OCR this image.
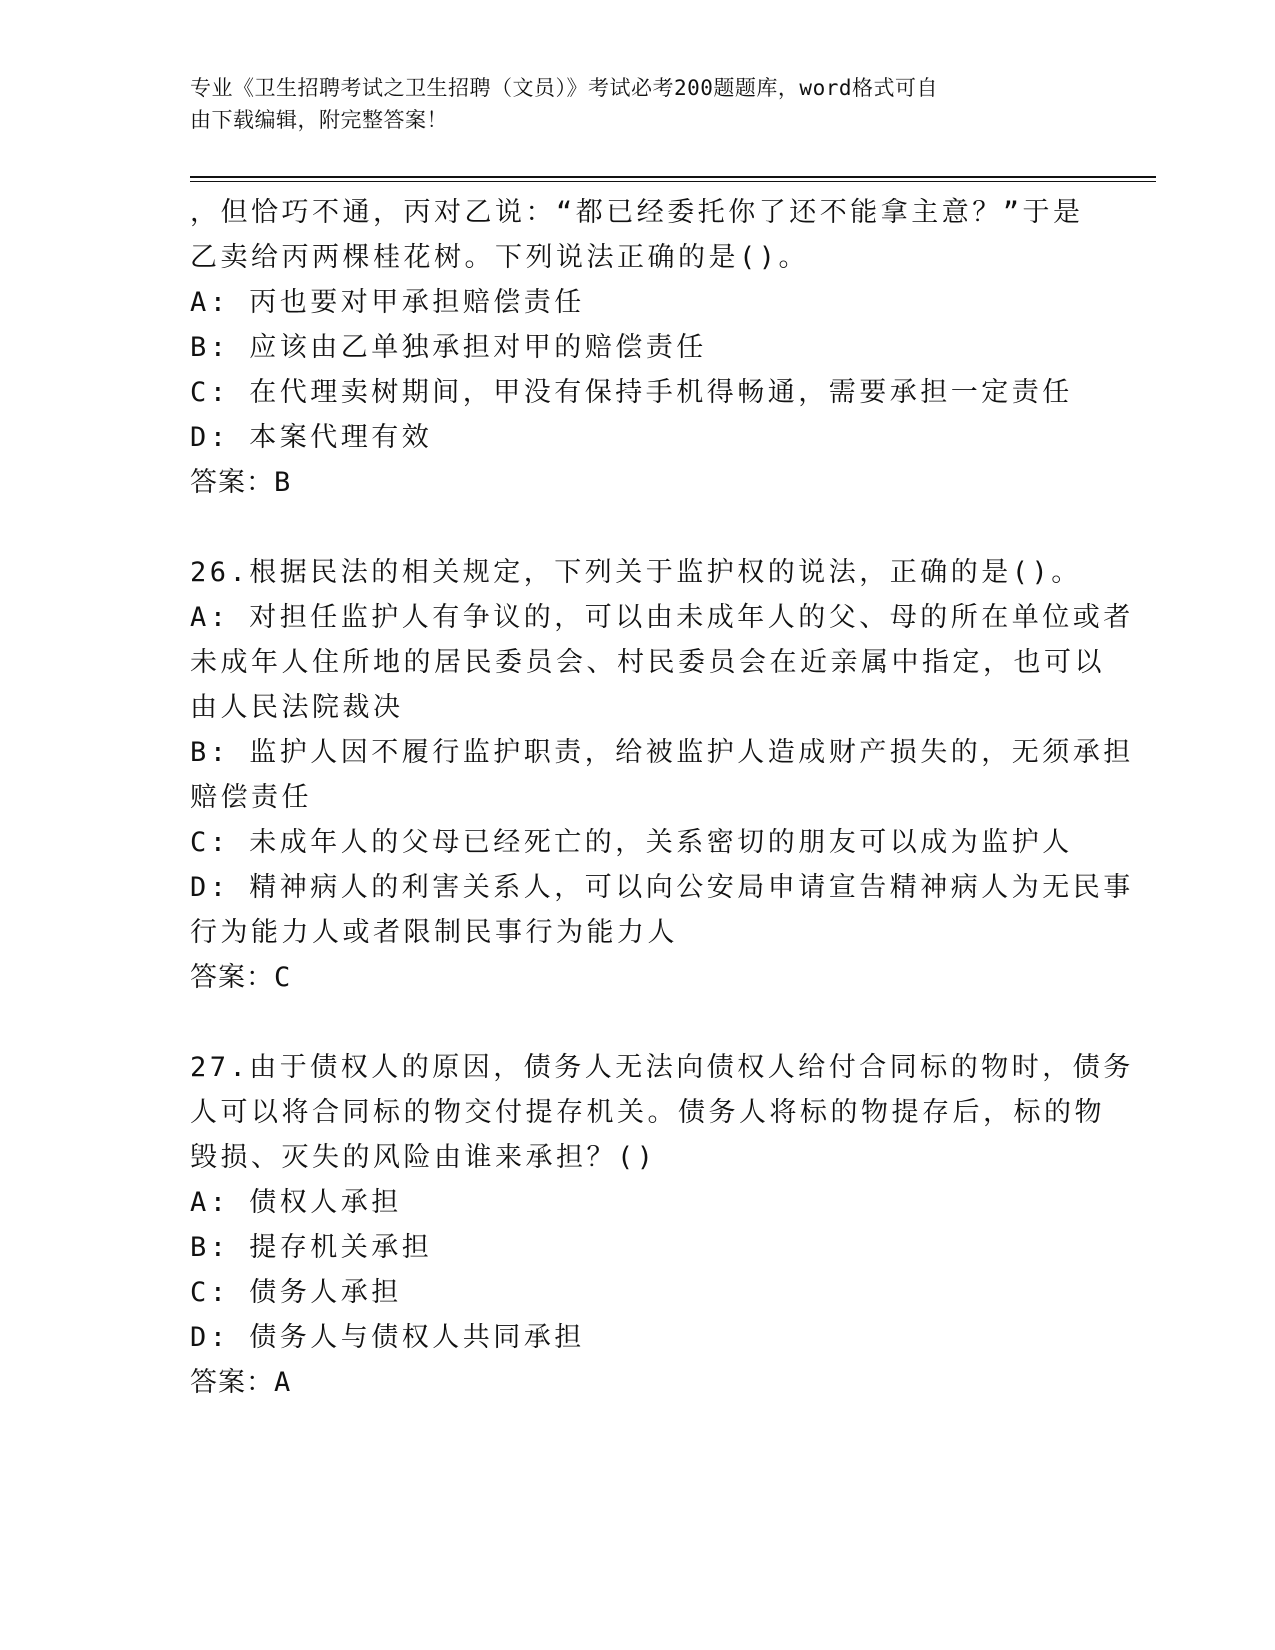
专业《卫生招聘考试之卫生招聘（文员）》考试必考200题题库，word格式可自
由下载编辑，附完整答案！
，但恰巧不通，丙对乙说：“都已经委托你了还不能拿主意？”于是
乙卖给丙两棵桂花树。下列说法正确的是()。
A: 丙也要对甲承担赔偿责任
B: 应该由乙单独承担对甲的赔偿责任
C: 在代理卖树期间，甲没有保持手机得畅通，需要承担一定责任
D: 本案代理有效
答案：B
26.根据民法的相关规定，下列关于监护权的说法，正确的是()。
A: 对担任监护人有争议的，可以由未成年人的父、母的所在单位或者
未成年人住所地的居民委员会、村民委员会在近亲属中指定，也可以
由人民法院裁决
B: 监护人因不履行监护职责，给被监护人造成财产损失的，无须承担
赔偿责任
C: 未成年人的父母已经死亡的，关系密切的朋友可以成为监护人
D: 精神病人的利害关系人，可以向公安局申请宣告精神病人为无民事
行为能力人或者限制民事行为能力人
答案：C
27.由于债权人的原因，债务人无法向债权人给付合同标的物时，债务
人可以将合同标的物交付提存机关。债务人将标的物提存后，标的物
毁损、灭失的风险由谁来承担？()
A: 债权人承担
B: 提存机关承担
C: 债务人承担
D: 债务人与债权人共同承担
答案：A
